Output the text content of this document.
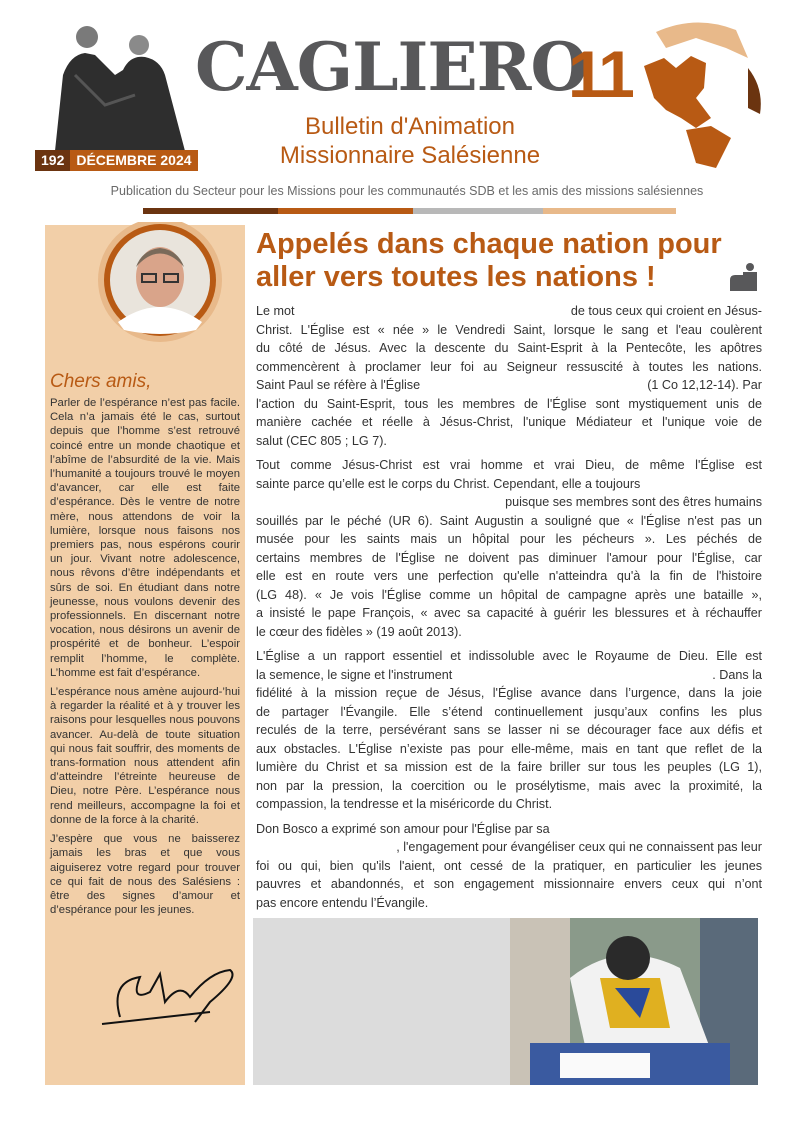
192 DÉCEMBRE 2024
CAGLIERO
11
Bulletin d'Animation
Missionnaire Salésienne
Publication du Secteur pour les Missions pour les communautés SDB et les amis des missions salésiennes
Chers amis,

Parler de l’espérance n’est pas facile. Cela n’a jamais été le cas, surtout depuis que l’homme s’est retrouvé coincé entre un monde chaotique et l’abîme de l’absurdité de la vie. Mais l’humanité a toujours trouvé le moyen d’avancer, car elle est faite d’espérance. Dès le ventre de notre mère, nous attendons de voir la lumière, lorsque nous faisons nos premiers pas, nous espérons courir un jour. Vivant notre adolescence, nous rêvons d’être indépendants et sûrs de soi. En étudiant dans notre jeunesse, nous voulons devenir des professionnels. En discernant notre vocation, nous désirons un avenir de prospérité et de bonheur. L’espoir remplit l’homme, le complète. L’homme est fait d’espérance.

L’espérance nous amène aujourd-’hui à regarder la réalité et à y trouver les raisons pour lesquelles nous pouvons avancer. Au-delà de toute situation qui nous fait souffrir, des moments de trans-formation nous attendent afin d’atteindre l’étreinte heureuse de Dieu, notre Père. L’espérance nous rend meilleurs, accompagne la foi et donne de la force à la charité.

J’espère que vous ne baisserez jamais les bras et que vous aiguiserez votre regard pour trouver ce qui fait de nous des Salésiens : être des signes d’amour et d’espérance pour les jeunes.

Appelés dans chaque nation pour
aller vers toutes les nations !
Le mot	de tous ceux qui croient en Jésus-
Christ. L'Église est « née » le Vendredi Saint, lorsque le sang et l'eau coulèrent
du côté de Jésus. Avec la descente du Saint-Esprit à la Pentecôte, les apôtres
commencèrent à proclamer leur foi au Seigneur ressuscité à toutes les nations.
Saint Paul se réfère à l'Église	(1 Co 12,12-14). Par
l'action du Saint-Esprit, tous les membres de l'Église sont mystiquement unis de
manière cachée et réelle à Jésus-Christ, l'unique Médiateur et l'unique voie de
salut (CEC 805 ; LG 7).
Tout comme Jésus-Christ est vrai homme et vrai Dieu, de même l'Église est
sainte parce qu’elle est le corps du Christ. Cependant, elle a toujours
puisque ses membres sont des êtres humains
souillés par le péché (UR 6). Saint Augustin a souligné que « l'Église n'est pas un
musée pour les saints mais un hôpital pour les pécheurs ». Les péchés de
certains membres de l'Église ne doivent pas diminuer l'amour pour l'Église, car
elle est en route vers une perfection qu'elle n'atteindra qu'à la fin de l'histoire
(LG 48). « Je vois l'Église comme un hôpital de campagne après une bataille »,
a insisté le pape François, « avec sa capacité à guérir les blessures et à réchauffer
le cœur des fidèles » (19 août 2013).
L'Église a un rapport essentiel et indissoluble avec le Royaume de Dieu. Elle est
la semence, le signe et l'instrument	. Dans la
fidélité à la mission reçue de Jésus, l'Église avance dans l’urgence, dans la joie
de partager l'Évangile. Elle s’étend continuellement jusqu’aux confins les plus
reculés de la terre, persévérant sans se lasser ni se décourager face aux défis et
aux obstacles. L'Église n’existe pas pour elle-même, mais en tant que reflet de la
lumière du Christ et sa mission est de la faire briller sur tous les peuples (LG 1),
non par la pression, la coercition ou le prosélytisme, mais avec la proximité, la
compassion, la tendresse et la miséricorde du Christ.
Don Bosco a exprimé son amour pour l'Église par sa
, l'engagement pour évangéliser ceux qui ne connaissent pas leur
foi ou qui, bien qu'ils l'aient, ont cessé de la pratiquer, en particulier les jeunes
pauvres et abandonnés, et son engagement missionnaire envers ceux qui n’ont
pas encore entendu l’Évangile.
